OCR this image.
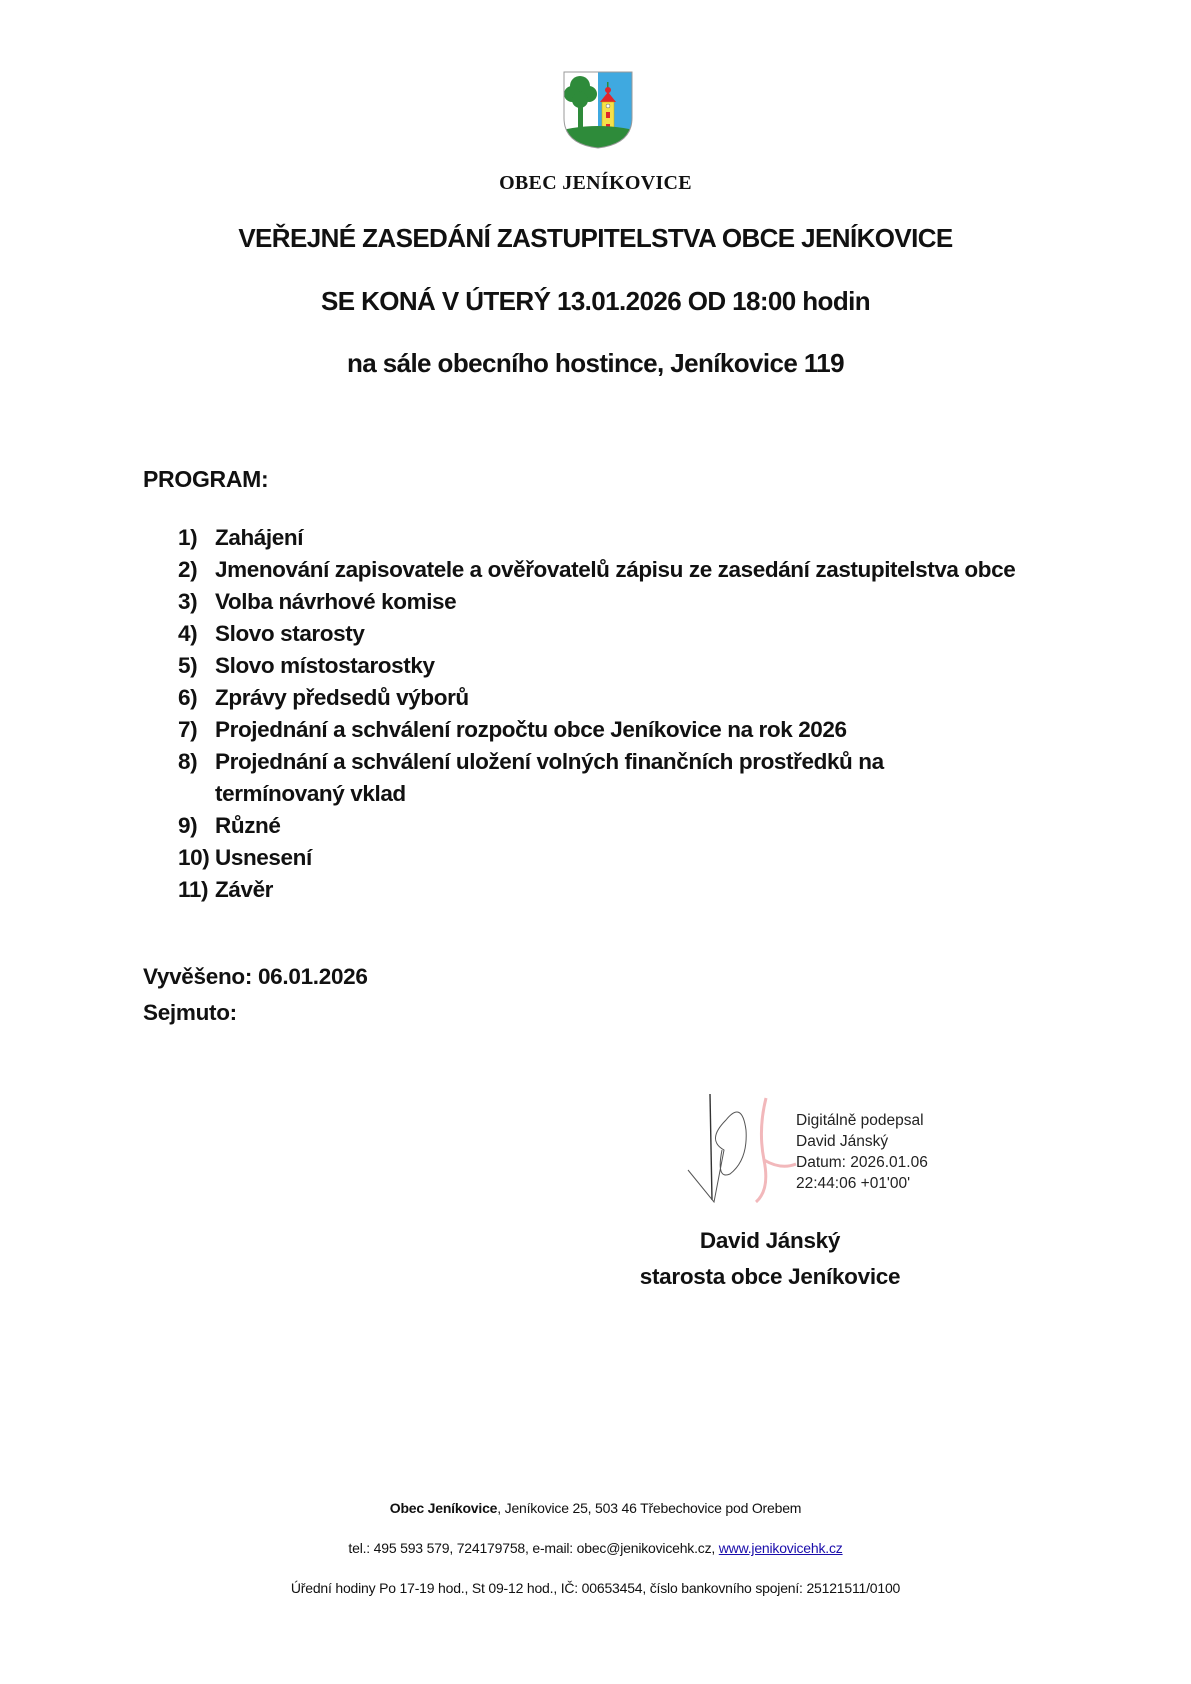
OBEC JENÍKOVICE
VEŘEJNÉ ZASEDÁNÍ ZASTUPITELSTVA OBCE JENÍKOVICE
SE KONÁ V ÚTERÝ 13.01.2026 OD 18:00 hodin
na sále obecního hostince, Jeníkovice 119
PROGRAM:
1) Zahájení
2) Jmenování zapisovatele a ověřovatelů zápisu ze zasedání zastupitelstva obce
3) Volba návrhové komise
4) Slovo starosty
5) Slovo místostarostky
6) Zprávy předsedů výborů
7) Projednání a schválení rozpočtu obce Jeníkovice na rok 2026
8) Projednání a schválení uložení volných finančních prostředků na termínovaný vklad
9) Různé
10) Usnesení
11) Závěr
Vyvěšeno: 06.01.2026
Sejmuto:
Digitálně podepsal
David Jánský
Datum: 2026.01.06
22:44:06 +01'00'
David Jánský
starosta obce Jeníkovice
Obec Jeníkovice, Jeníkovice 25, 503 46 Třebechovice pod Orebem
tel.: 495 593 579, 724179758, e-mail: obec@jenikovicehk.cz, www.jenikovicehk.cz
Úřední hodiny Po 17-19 hod., St 09-12 hod., IČ: 00653454, číslo bankovního spojení: 25121511/0100
